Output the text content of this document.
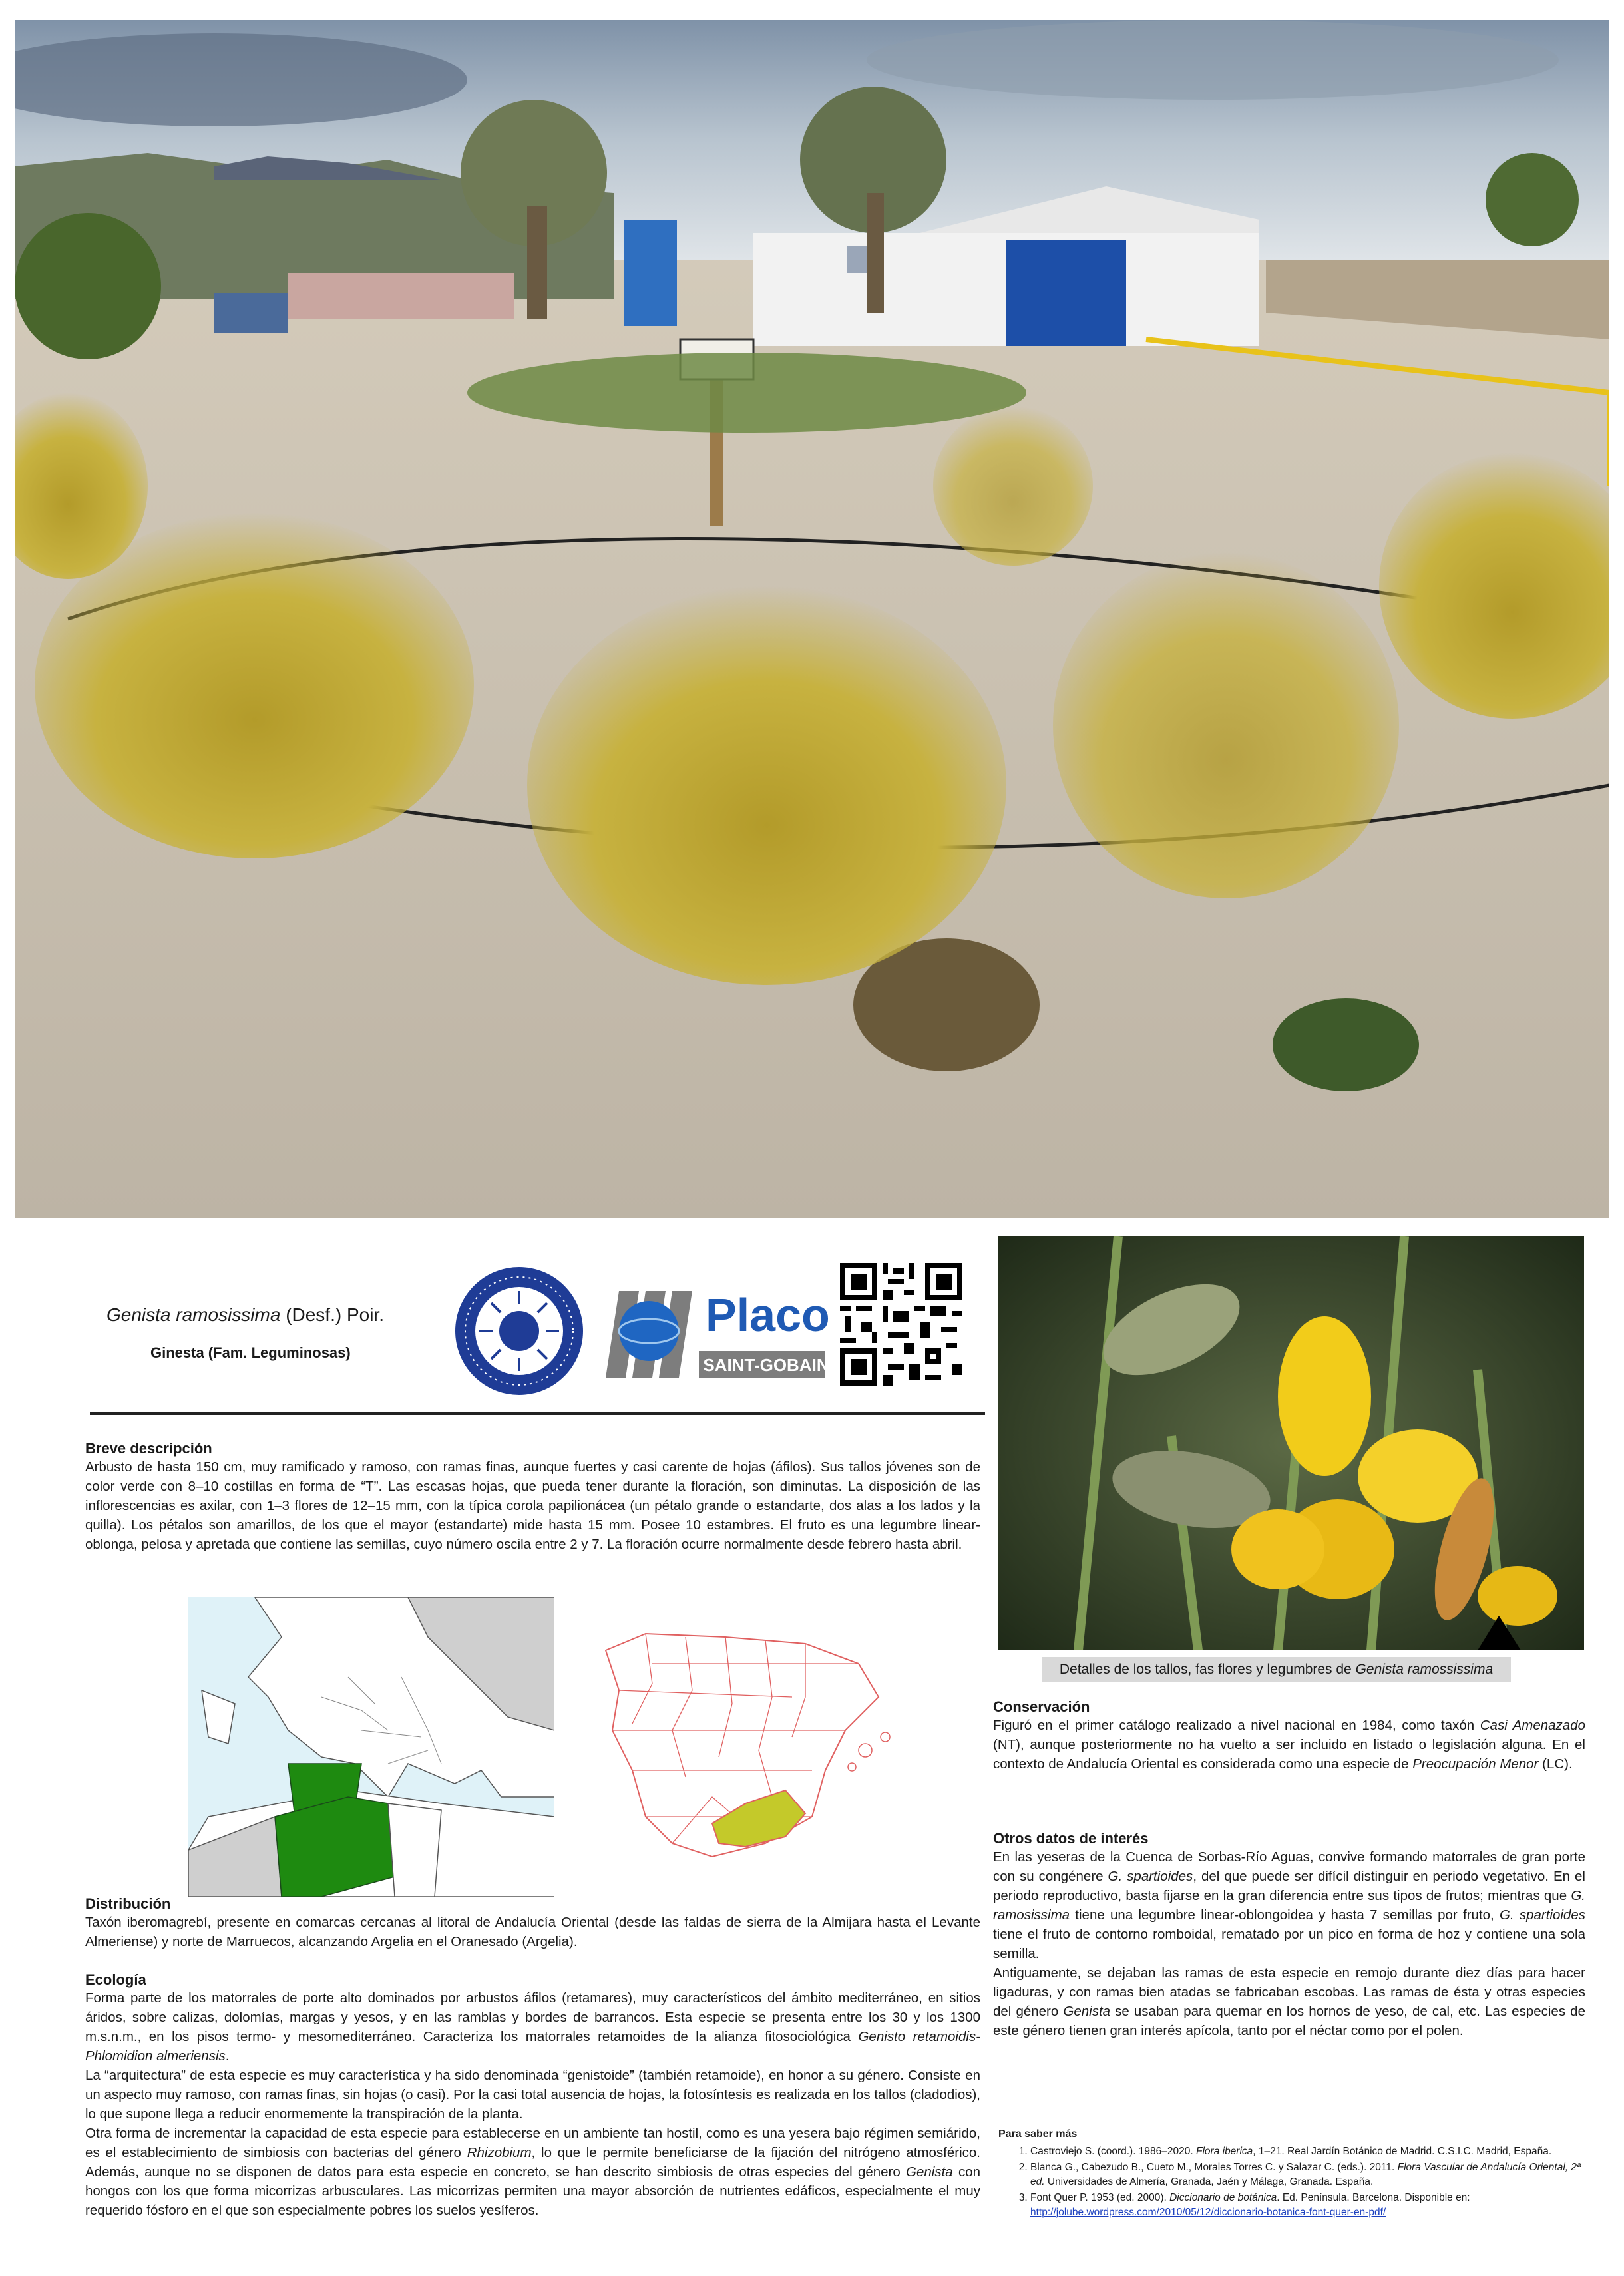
Genista ramosissima (Desf.) Poir.
Ginesta (Fam. Leguminosas)
Placo
SAINT-GOBAIN
Breve descripción
Arbusto de hasta 150 cm, muy ramificado y ramoso, con ramas finas, aunque fuertes y casi carente de hojas (áfilos). Sus tallos jóvenes son de color verde con 8–10 costillas en forma de “T”. Las escasas hojas, que pueda tener durante la floración, son diminutas. La disposición de las inflorescencias es axilar, con 1–3 flores de 12–15 mm, con la típica corola papilionácea (un pétalo grande o estandarte, dos alas a los lados y la quilla). Los pétalos son amarillos, de los que el mayor (estandarte) mide hasta 15 mm. Posee 10 estambres. El fruto es una legumbre linear-oblonga, pelosa y apretada que contiene las semillas, cuyo número oscila entre 2 y 7. La floración ocurre normalmente desde febrero hasta abril.
Distribución
Taxón iberomagrebí, presente en comarcas cercanas al litoral de Andalucía Oriental (desde las faldas de sierra de la Almijara hasta el Levante Almeriense) y norte de Marruecos, alcanzando Argelia en el Oranesado (Argelia).
Ecología

Forma parte de los matorrales de porte alto dominados por arbustos áfilos (retamares), muy característicos del ámbito mediterráneo, en sitios áridos, sobre calizas, dolomías, margas y yesos, y en las ramblas y bordes de barrancos. Esta especie se presenta entre los 30 y los 1300 m.s.n.m., en los pisos termo- y mesomediterráneo. Caracteriza los matorrales retamoides de la alianza fitosociológica Genisto retamoidis-Phlomidion almeriensis.

La “arquitectura” de esta especie es muy característica y ha sido denominada “genistoide” (también retamoide), en honor a su género. Consiste en un aspecto muy ramoso, con ramas finas, sin hojas (o casi). Por la casi total ausencia de hojas, la fotosíntesis es realizada en los tallos (cladodios), lo que supone llega a reducir enormemente la transpiración de la planta.

Otra forma de incrementar la capacidad de esta especie para establecerse en un ambiente tan hostil, como es una yesera bajo régimen semiárido, es el establecimiento de simbiosis con bacterias del género Rhizobium, lo que le permite beneficiarse de la fijación del nitrógeno atmosférico. Además, aunque no se disponen de datos para esta especie en concreto, se han descrito simbiosis de otras especies del género Genista con hongos con los que forma micorrizas arbusculares. Las micorrizas permiten una mayor absorción de nutrientes edáficos, especialmente el muy requerido fósforo en el que son especialmente pobres los suelos yesíferos.

Detalles de los tallos, fas flores y legumbres de Genista ramossissima
Conservación
Figuró en el primer catálogo realizado a nivel nacional en 1984, como taxón Casi Amenazado (NT), aunque posteriormente no ha vuelto a ser incluido en listado o legislación alguna. En el contexto de Andalucía Oriental es considerada como una especie de Preocupación Menor (LC).
Otros datos de interés

En las yeseras de la Cuenca de Sorbas-Río Aguas, convive formando matorrales de gran porte con su congénere G. spartioides, del que puede ser difícil distinguir en periodo vegetativo. En el periodo reproductivo, basta fijarse en la gran diferencia entre sus tipos de frutos; mientras que G. ramosissima tiene una legumbre linear-oblongoidea y hasta 7 semillas por fruto, G. spartioides tiene el fruto de contorno romboidal, rematado por un pico en forma de hoz y contiene una sola semilla.

Antiguamente, se dejaban las ramas de esta especie en remojo durante diez días para hacer ligaduras, y con ramas bien atadas se fabricaban escobas. Las ramas de ésta y otras especies del género Genista se usaban para quemar en los hornos de yeso, de cal, etc. Las especies de este género tienen gran interés apícola, tanto por el néctar como por el polen.

Para saber más
1. Castroviejo S. (coord.). 1986–2020. Flora iberica, 1–21. Real Jardín Botánico de Madrid. C.S.I.C. Madrid, España.
2. Blanca G., Cabezudo B., Cueto M., Morales Torres C. y Salazar C. (eds.). 2011. Flora Vascular de Andalucía Oriental, 2ª ed. Universidades de Almería, Granada, Jaén y Málaga, Granada. España.
3. Font Quer P. 1953 (ed. 2000). Diccionario de botánica. Ed. Península. Barcelona. Disponible en:
http://jolube.wordpress.com/2010/05/12/diccionario-botanica-font-quer-en-pdf/
